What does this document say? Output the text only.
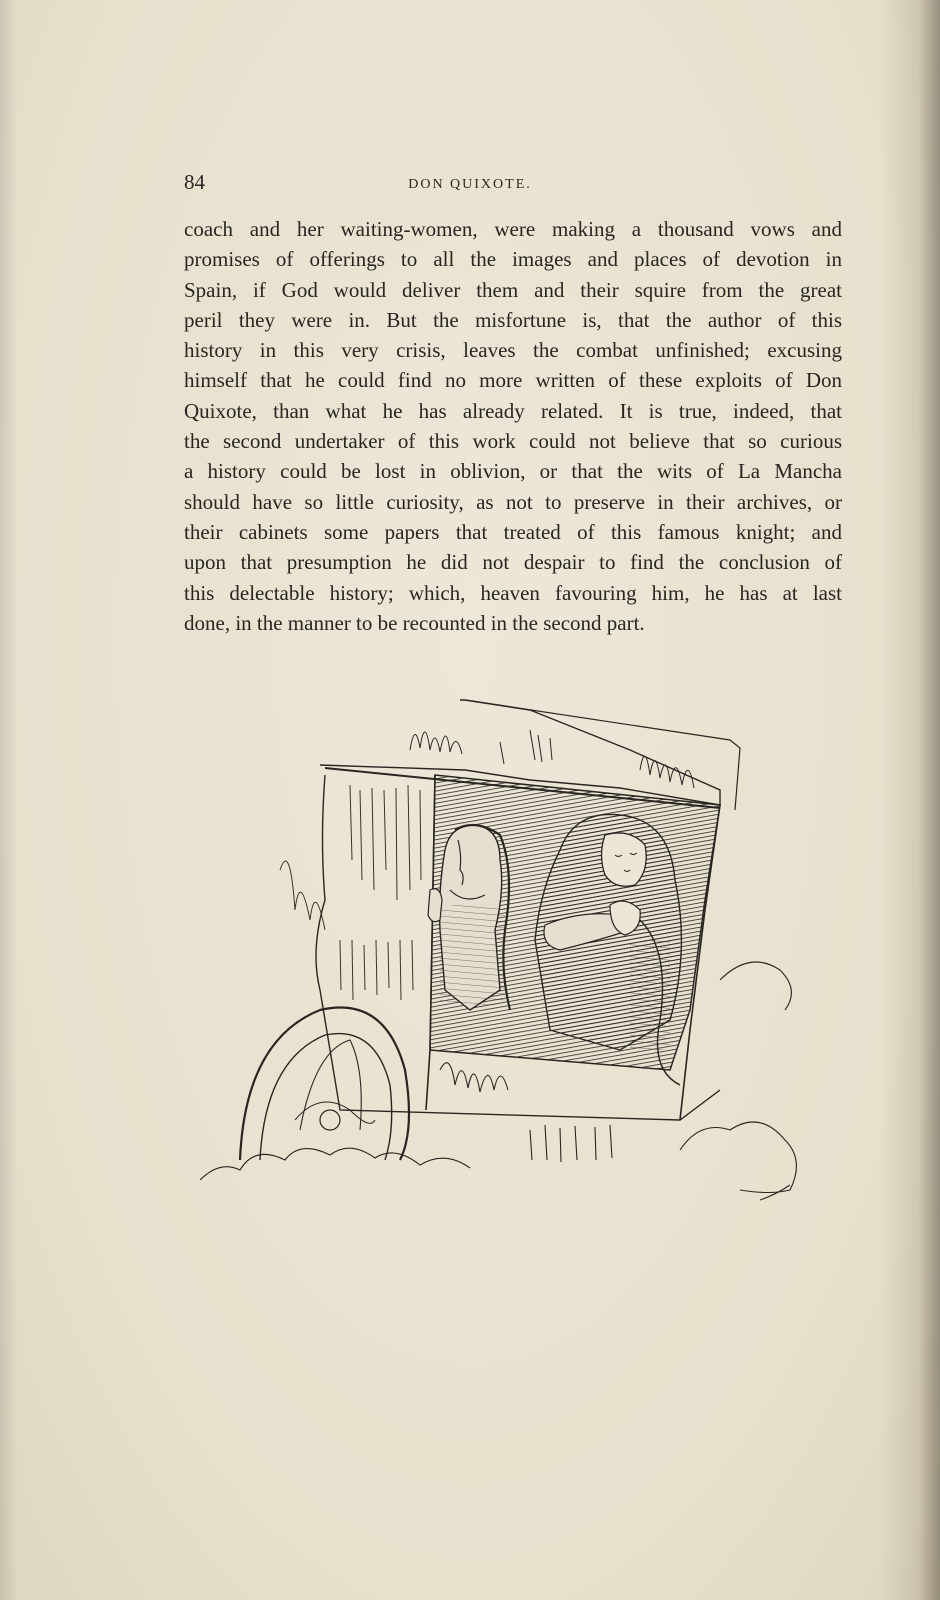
84	DON QUIXOTE.
coach and her waiting-women, were making a thousand vows and
promises of offerings to all the images and places of devotion in
Spain, if God would deliver them and their squire from the great
peril they were in. But the misfortune is, that the author of this
history in this very crisis, leaves the combat unfinished; excusing
himself that he could find no more written of these exploits of Don
Quixote, than what he has already related. It is true, indeed, that
the second undertaker of this work could not believe that so curious
a history could be lost in oblivion, or that the wits of La Mancha
should have so little curiosity, as not to preserve in their archives, or
their cabinets some papers that treated of this famous knight; and
upon that presumption he did not despair to find the conclusion of
this delectable history; which, heaven favouring him, he has at last
done, in the manner to be recounted in the second part.
